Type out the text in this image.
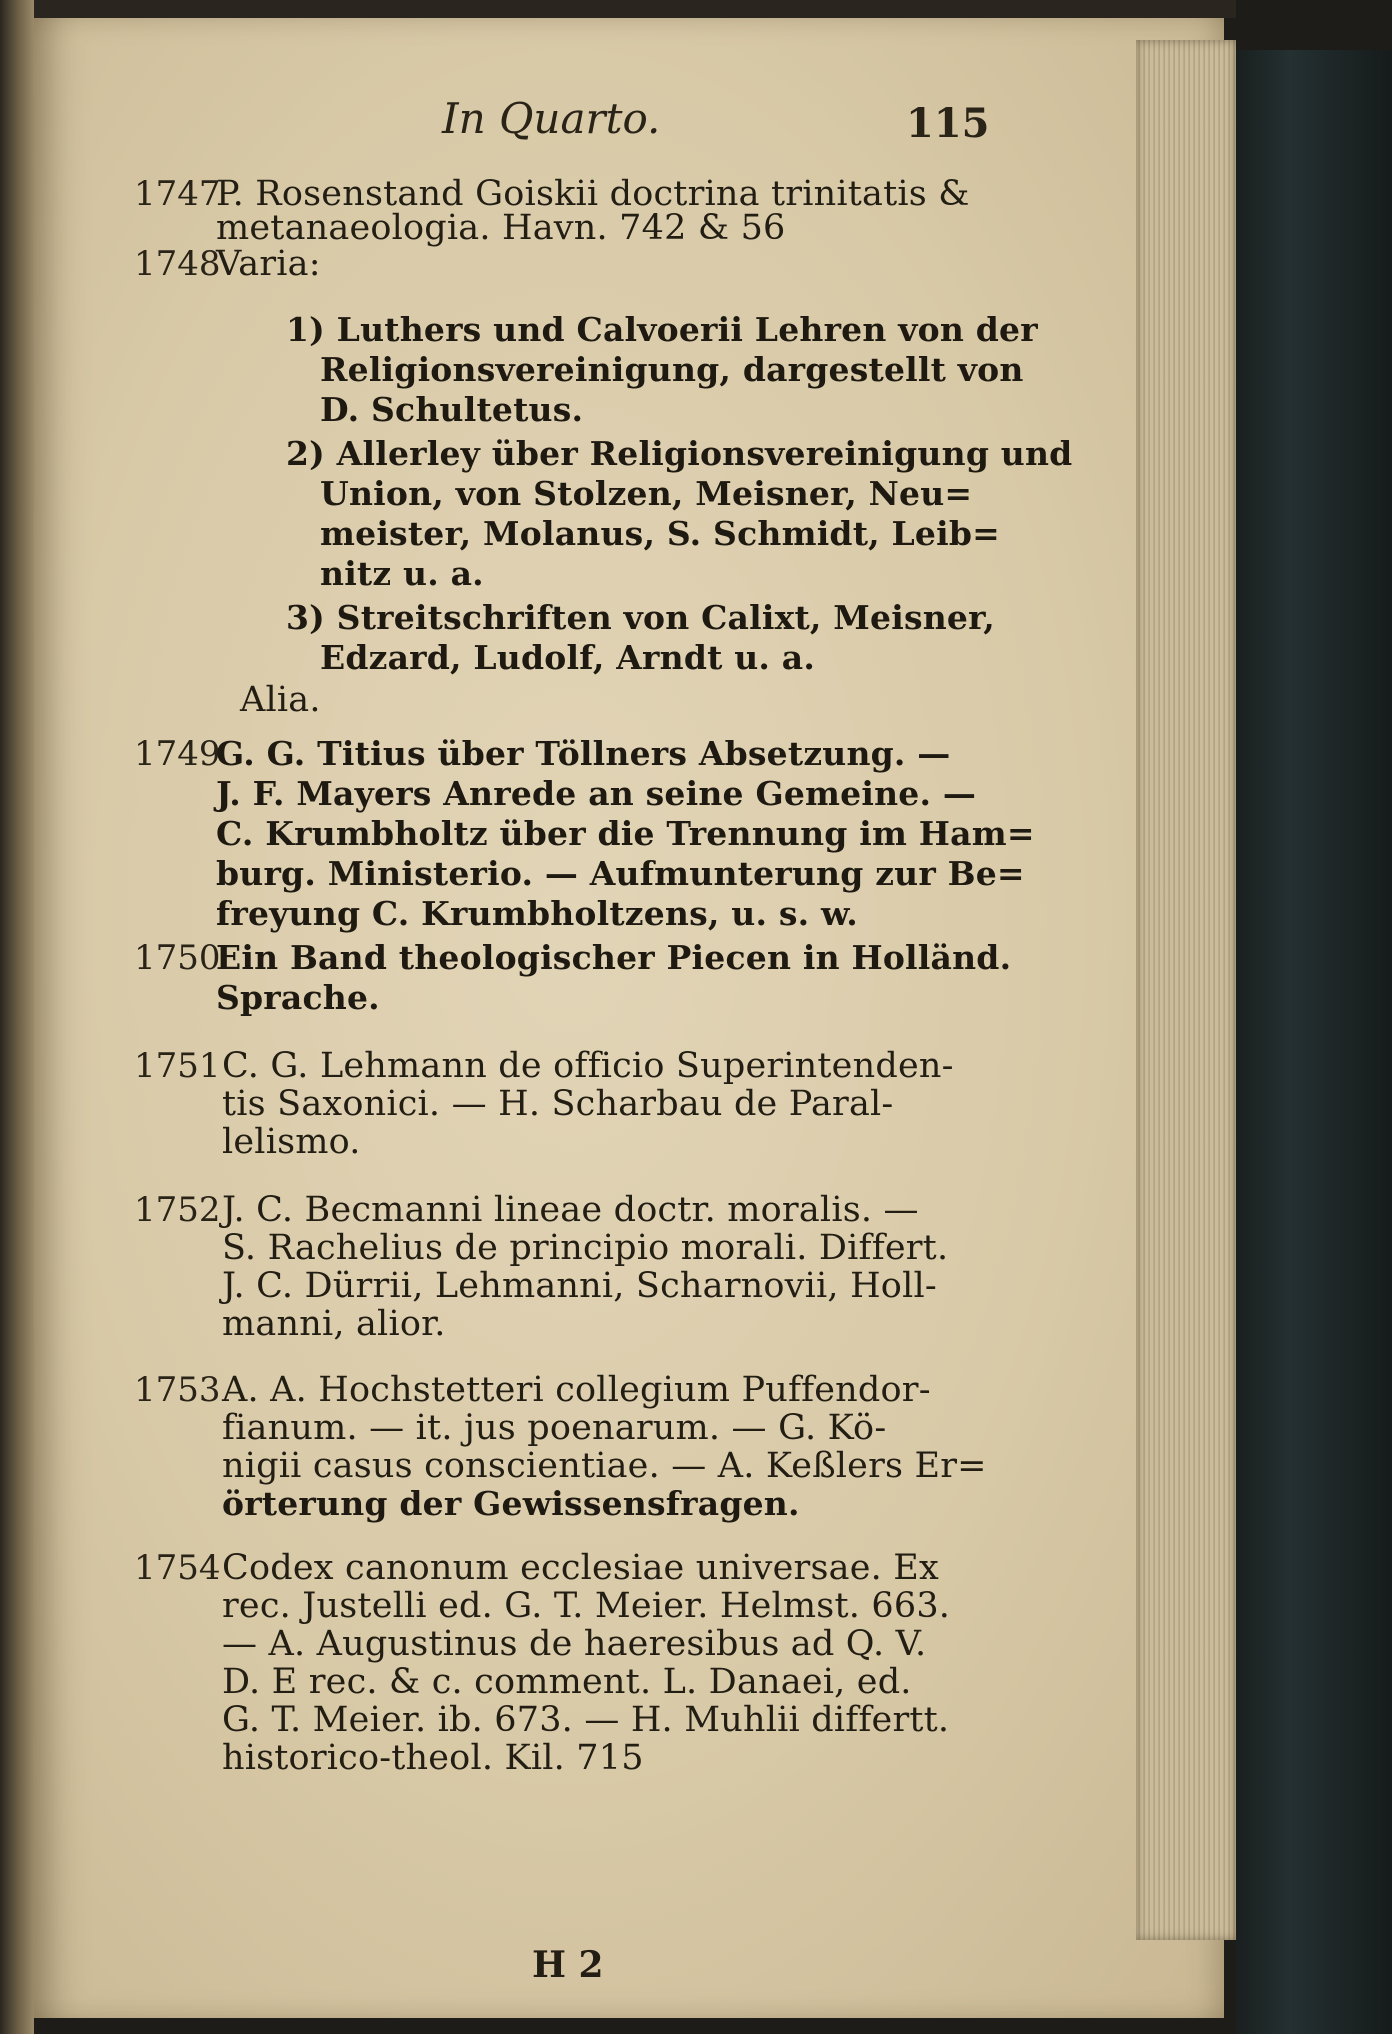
In Quarto.	115
1747
P. Rosenstand Goiskii doctrina trinitatis &
metanaeologia. Havn. 742 & 56
1748
Varia:
1) Luthers und Calvoerii Lehren von der
Religionsvereinigung, dargestellt von
D. Schultetus.
2) Allerley über Religionsvereinigung und
Union, von Stolzen, Meisner, Neu=
meister, Molanus, S. Schmidt, Leib=
nitz u. a.
3) Streitschriften von Calixt, Meisner,
Edzard, Ludolf, Arndt u. a.
Alia.
1749
G. G. Titius über Töllners Absetzung. —
J. F. Mayers Anrede an seine Gemeine. —
C. Krumbholtz über die Trennung im Ham=
burg. Ministerio. — Aufmunterung zur Be=
freyung C. Krumbholtzens, u. s. w.
1750
Ein Band theologischer Piecen in Holländ.
Sprache.
1751 C. G. Lehmann de officio Superintenden-
tis Saxonici. — H. Scharbau de Paral-
lelismo.
1752 J. C. Becmanni lineae doctr. moralis. —
S. Rachelius de principio morali. Differt.
J. C. Dürrii, Lehmanni, Scharnovii, Holl-
manni, alior.
1753 A. A. Hochstetteri collegium Puffendor-
fianum. — it. jus poenarum. — G. Kö-
nigii casus conscientiae. — A. Keßlers Er=
örterung der Gewissensfragen.
1754 Codex canonum ecclesiae universae. Ex
rec. Justelli ed. G. T. Meier. Helmst. 663.
— A. Augustinus de haeresibus ad Q. V.
D. E rec. & c. comment. L. Danaei, ed.
G. T. Meier. ib. 673. — H. Muhlii differtt.
historico-theol. Kil. 715
H 2
